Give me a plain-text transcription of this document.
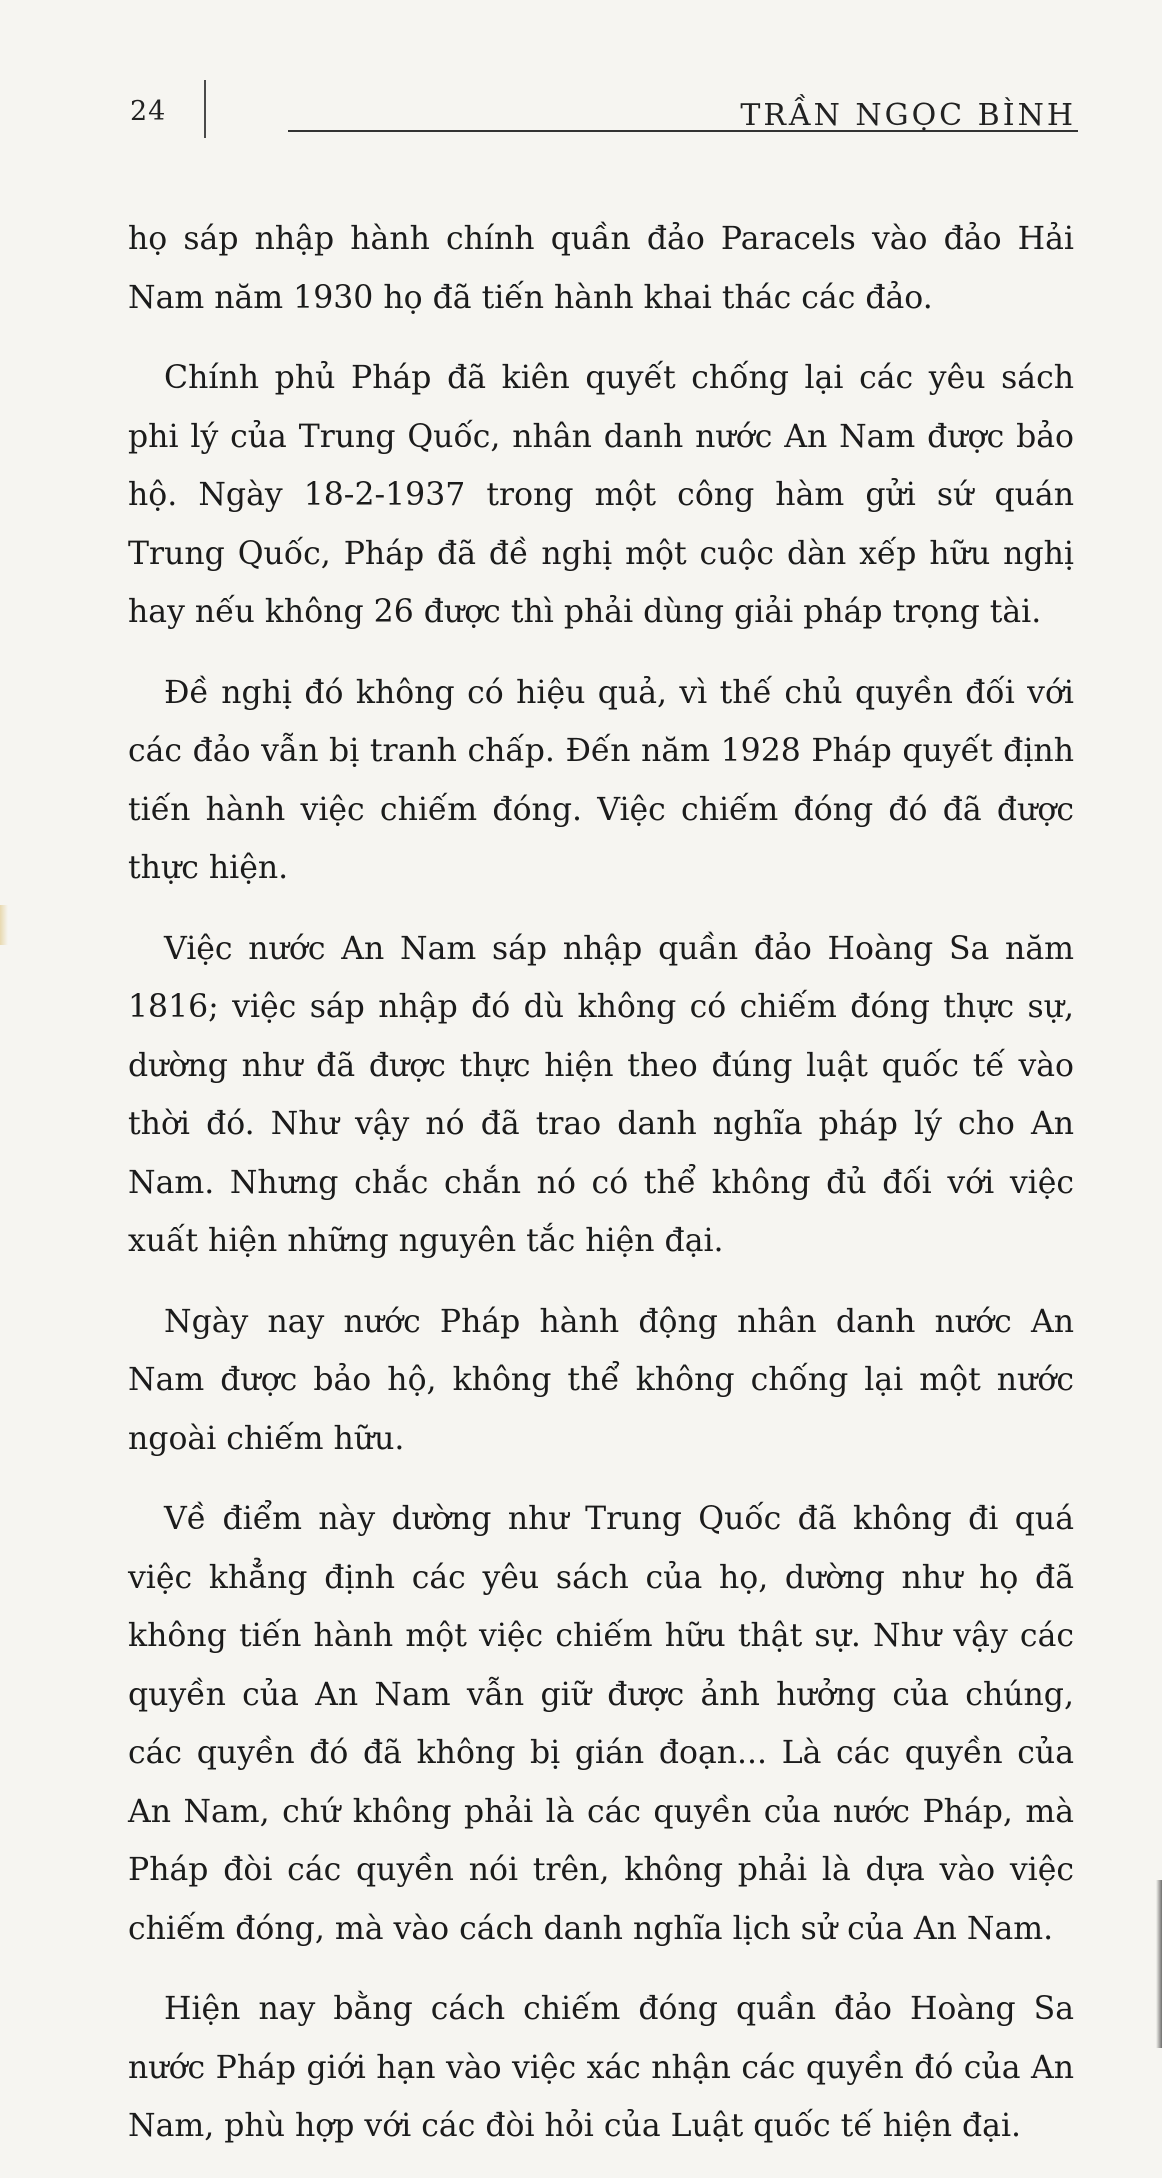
24	TRẦN NGỌC BÌNH

họ sáp nhập hành chính quần đảo Paracels vào đảo Hải Nam năm 1930 họ đã tiến hành khai thác các đảo.

Chính phủ Pháp đã kiên quyết chống lại các yêu sách phi lý của Trung Quốc, nhân danh nước An Nam được bảo hộ. Ngày 18-2-1937 trong một công hàm gửi sứ quán Trung Quốc, Pháp đã đề nghị một cuộc dàn xếp hữu nghị hay nếu không 26 được thì phải dùng giải pháp trọng tài.

Đề nghị đó không có hiệu quả, vì thế chủ quyền đối với các đảo vẫn bị tranh chấp. Đến năm 1928 Pháp quyết định tiến hành việc chiếm đóng. Việc chiếm đóng đó đã được thực hiện.

Việc nước An Nam sáp nhập quần đảo Hoàng Sa năm 1816; việc sáp nhập đó dù không có chiếm đóng thực sự, dường như đã được thực hiện theo đúng luật quốc tế vào thời đó. Như vậy nó đã trao danh nghĩa pháp lý cho An Nam. Nhưng chắc chắn nó có thể không đủ đối với việc xuất hiện những nguyên tắc hiện đại.

Ngày nay nước Pháp hành động nhân danh nước An Nam được bảo hộ, không thể không chống lại một nước ngoài chiếm hữu.

Về điểm này dường như Trung Quốc đã không đi quá việc khẳng định các yêu sách của họ, dường như họ đã không tiến hành một việc chiếm hữu thật sự. Như vậy các quyền của An Nam vẫn giữ được ảnh hưởng của chúng, các quyền đó đã không bị gián đoạn... Là các quyền của An Nam, chứ không phải là các quyền của nước Pháp, mà Pháp đòi các quyền nói trên, không phải là dựa vào việc chiếm đóng, mà vào cách danh nghĩa lịch sử của An Nam.

Hiện nay bằng cách chiếm đóng quần đảo Hoàng Sa nước Pháp giới hạn vào việc xác nhận các quyền đó của An Nam, phù hợp với các đòi hỏi của Luật quốc tế hiện đại.
